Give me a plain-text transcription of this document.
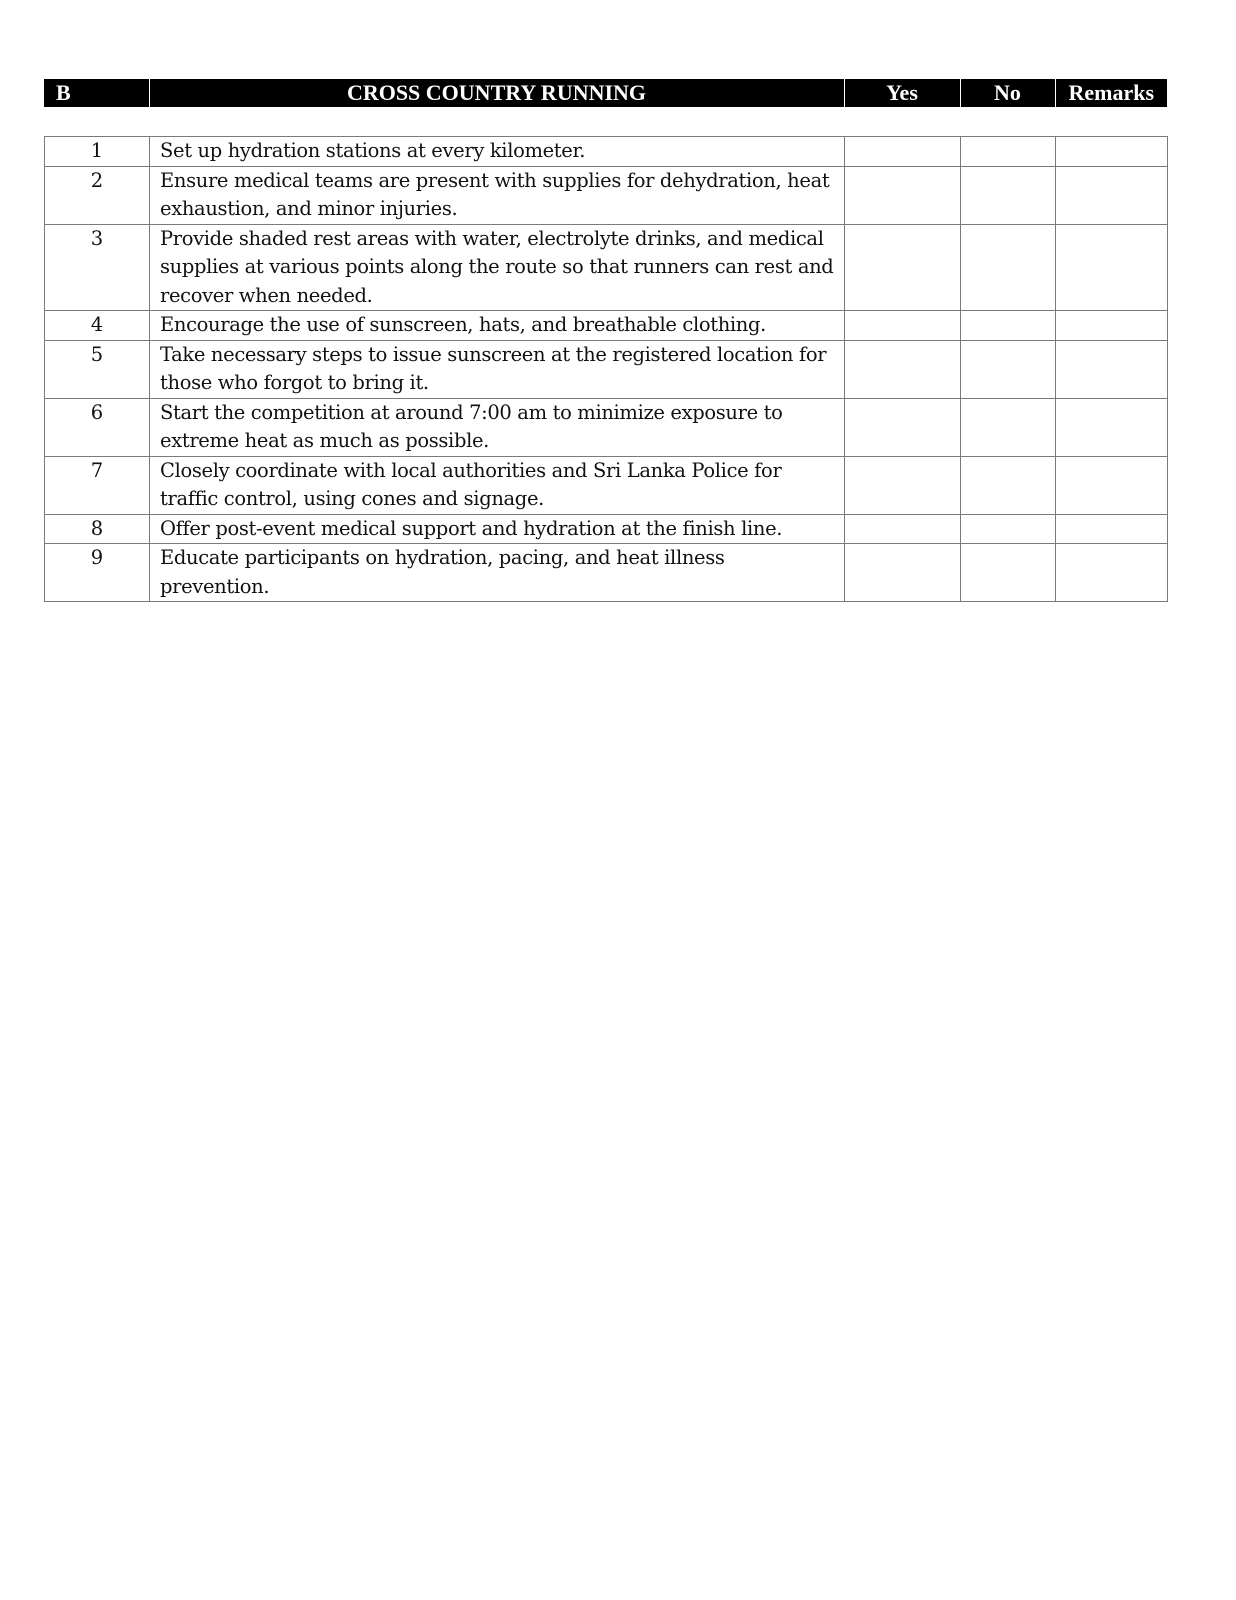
B	CROSS COUNTRY RUNNING	Yes	No	Remarks
1	Set up hydration stations at every kilometer.			
2	Ensure medical teams are present with supplies for dehydration, heat exhaustion, and minor injuries.			
3	Provide shaded rest areas with water, electrolyte drinks, and medical supplies at various points along the route so that runners can rest and recover when needed.			
4	Encourage the use of sunscreen, hats, and breathable clothing.			
5	Take necessary steps to issue sunscreen at the registered location for those who forgot to bring it.			
6	Start the competition at around 7:00 am to minimize exposure to extreme heat as much as possible.			
7	Closely coordinate with local authorities and Sri Lanka Police for traffic control, using cones and signage.			
8	Offer post-event medical support and hydration at the finish line.			
9	Educate participants on hydration, pacing, and heat illness prevention.			
